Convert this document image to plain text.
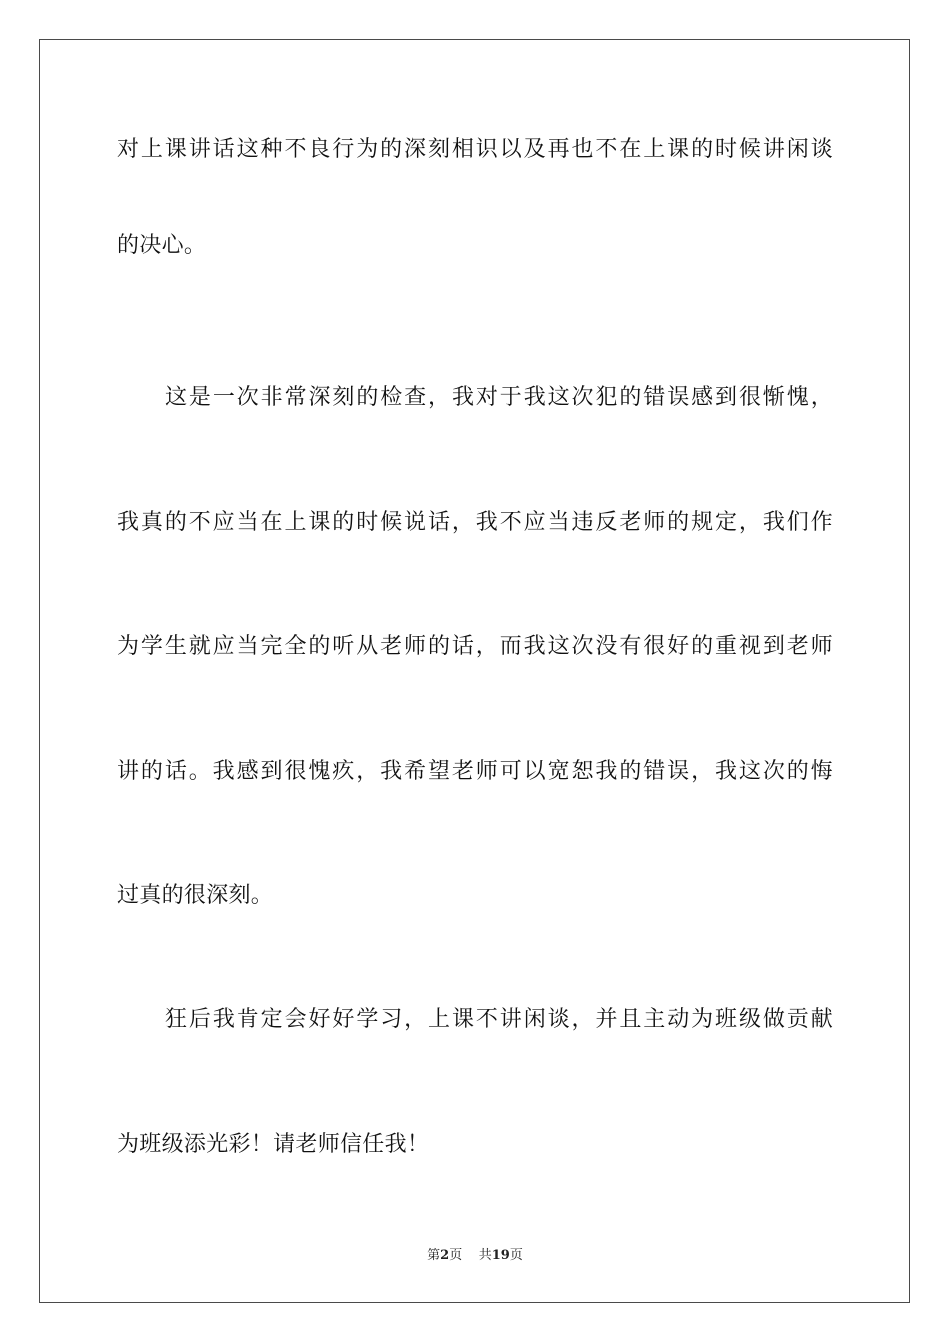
对上课讲话这种不良行为的深刻相识以及再也不在上课的时候讲闲谈
的决心。
这是一次非常深刻的检查，我对于我这次犯的错误感到很惭愧，
我真的不应当在上课的时候说话，我不应当违反老师的规定，我们作
为学生就应当完全的听从老师的话，而我这次没有很好的重视到老师
讲的话。我感到很愧疚，我希望老师可以宽恕我的错误，我这次的悔
过真的很深刻。
狂后我肯定会好好学习，上课不讲闲谈，并且主动为班级做贡献
为班级添光彩！请老师信任我！
第2页 共19页
